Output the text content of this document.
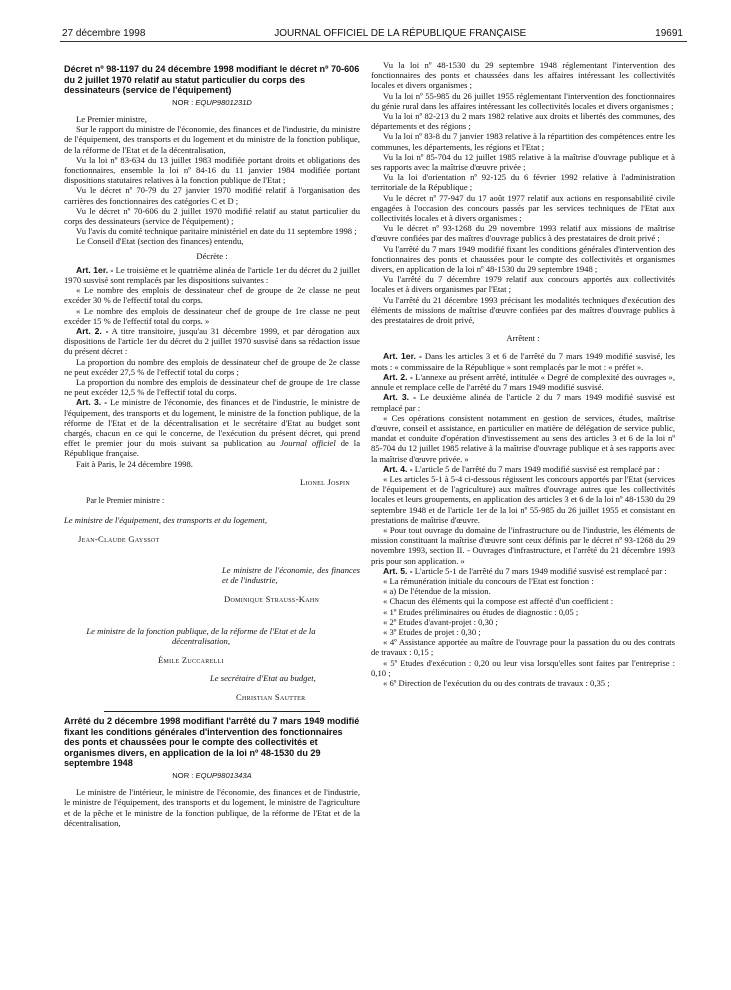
27 décembre 1998	JOURNAL OFFICIEL DE LA RÉPUBLIQUE FRANÇAISE	19691
Décret nº 98-1197 du 24 décembre 1998 modifiant le décret nº 70-606 du 2 juillet 1970 relatif au statut particulier du corps des dessinateurs (service de l'équipement)
NOR : EQUP9801231D

Le Premier ministre,

Sur le rapport du ministre de l'économie, des finances et de l'industrie, du ministre de l'équipement, des transports et du logement et du ministre de la fonction publique, de la réforme de l'Etat et de la décentralisation,

Vu la loi nº 83-634 du 13 juillet 1983 modifiée portant droits et obligations des fonctionnaires, ensemble la loi nº 84-16 du 11 janvier 1984 modifiée portant dispositions statutaires relatives à la fonction publique de l'Etat ;

Vu le décret nº 70-79 du 27 janvier 1970 modifié relatif à l'organisation des carrières des fonctionnaires des catégories C et D ;

Vu le décret nº 70-606 du 2 juillet 1970 modifié relatif au statut particulier du corps des dessinateurs (service de l'équipement) ;

Vu l'avis du comité technique paritaire ministériel en date du 11 septembre 1998 ;

Le Conseil d'Etat (section des finances) entendu,

Décrète :

Art. 1er. - Le troisième et le quatrième alinéa de l'article 1er du décret du 2 juillet 1970 susvisé sont remplacés par les dispositions suivantes :

« Le nombre des emplois de dessinateur chef de groupe de 2e classe ne peut excéder 30 % de l'effectif total du corps.

« Le nombre des emplois de dessinateur chef de groupe de 1re classe ne peut excéder 15 % de l'effectif total du corps. »

Art. 2. - A titre transitoire, jusqu'au 31 décembre 1999, et par dérogation aux dispositions de l'article 1er du décret du 2 juillet 1970 susvisé dans sa rédaction issue du présent décret :

La proportion du nombre des emplois de dessinateur chef de groupe de 2e classe ne peut excéder 27,5 % de l'effectif total du corps ;

La proportion du nombre des emplois de dessinateur chef de groupe de 1re classe ne peut excéder 12,5 % de l'effectif total du corps.

Art. 3. - Le ministre de l'économie, des finances et de l'industrie, le ministre de l'équipement, des transports et du logement, le ministre de la fonction publique, de la réforme de l'Etat et de la décentralisation et le secrétaire d'Etat au budget sont chargés, chacun en ce qui le concerne, de l'exécution du présent décret, qui prend effet le premier jour du mois suivant sa publication au Journal officiel de la République française.

Fait à Paris, le 24 décembre 1998.

Lionel Jospin

Par le Premier ministre :

Le ministre de l'équipement, des transports et du logement,

Jean-Claude Gayssot

Le ministre de l'économie, des finances et de l'industrie,

Dominique Strauss-Kahn

Le ministre de la fonction publique, de la réforme de l'Etat et de la décentralisation,

Émile Zuccarelli

Le secrétaire d'Etat au budget,

Christian Sautter

Arrêté du 2 décembre 1998 modifiant l'arrêté du 7 mars 1949 modifié fixant les conditions générales d'intervention des fonctionnaires des ponts et chaussées pour le compte des collectivités et organismes divers, en application de la loi nº 48-1530 du 29 septembre 1948
NOR : EQUP9801343A

Le ministre de l'intérieur, le ministre de l'économie, des finances et de l'industrie, le ministre de l'équipement, des transports et du logement, le ministre de l'agriculture et de la pêche et le ministre de la fonction publique, de la réforme de l'Etat et de la décentralisation,

Vu la loi nº 48-1530 du 29 septembre 1948 réglementant l'intervention des fonctionnaires des ponts et chaussées dans les affaires intéressant les collectivités locales et divers organismes ;

Vu la loi nº 55-985 du 26 juillet 1955 réglementant l'intervention des fonctionnaires du génie rural dans les affaires intéressant les collectivités locales et divers organismes ;

Vu la loi nº 82-213 du 2 mars 1982 relative aux droits et libertés des communes, des départements et des régions ;

Vu la loi nº 83-8 du 7 janvier 1983 relative à la répartition des compétences entre les communes, les départements, les régions et l'Etat ;

Vu la loi nº 85-704 du 12 juillet 1985 relative à la maîtrise d'ouvrage publique et à ses rapports avec la maîtrise d'œuvre privée ;

Vu la loi d'orientation nº 92-125 du 6 février 1992 relative à l'administration territoriale de la République ;

Vu le décret nº 77-947 du 17 août 1977 relatif aux actions en responsabilité civile engagées à l'occasion des concours passés par les services techniques de l'Etat aux collectivités locales et à divers organismes ;

Vu le décret nº 93-1268 du 29 novembre 1993 relatif aux missions de maîtrise d'œuvre confiées par des maîtres d'ouvrage publics à des prestataires de droit privé ;

Vu l'arrêté du 7 mars 1949 modifié fixant les conditions générales d'intervention des fonctionnaires des ponts et chaussées pour le compte des collectivités et organismes divers, en application de la loi nº 48-1530 du 29 septembre 1948 ;

Vu l'arrêté du 7 décembre 1979 relatif aux concours apportés aux collectivités locales et à divers organismes par l'Etat ;

Vu l'arrêté du 21 décembre 1993 précisant les modalités techniques d'exécution des éléments de missions de maîtrise d'œuvre confiées par des maîtres d'ouvrage publics à des prestataires de droit privé,

Arrêtent :

Art. 1er. - Dans les articles 3 et 6 de l'arrêté du 7 mars 1949 modifié susvisé, les mots : « commissaire de la République » sont remplacés par le mot : « préfet ».

Art. 2. - L'annexe au présent arrêté, intitulée « Degré de complexité des ouvrages », annule et remplace celle de l'arrêté du 7 mars 1949 modifié susvisé.

Art. 3. - Le deuxième alinéa de l'article 2 du 7 mars 1949 modifié susvisé est remplacé par :

« Ces opérations consistent notamment en gestion de services, études, maîtrise d'œuvre, conseil et assistance, en particulier en matière de délégation de service public, mandat et conduite d'opération d'investissement au sens des articles 3 et 6 de la loi nº 85-704 du 12 juillet 1985 relative à la maîtrise d'ouvrage publique et à ses rapports avec la maîtrise d'œuvre privée. »

Art. 4. - L'article 5 de l'arrêté du 7 mars 1949 modifié susvisé est remplacé par :

« Les articles 5-1 à 5-4 ci-dessous régissent les concours apportés par l'Etat (services de l'équipement et de l'agriculture) aux maîtres d'ouvrage autres que les collectivités locales et leurs groupements, en application des articles 3 et 6 de la loi nº 48-1530 du 29 septembre 1948 et de l'article 1er de la loi nº 55-985 du 26 juillet 1955 et consistant en prestations de maîtrise d'œuvre.

« Pour tout ouvrage du domaine de l'infrastructure ou de l'industrie, les éléments de mission constituant la maîtrise d'œuvre sont ceux définis par le décret nº 93-1268 du 29 novembre 1993, section II. - Ouvrages d'infrastructure, et l'arrêté du 21 décembre 1993 pris pour son application. »

Art. 5. - L'article 5-1 de l'arrêté du 7 mars 1949 modifié susvisé est remplacé par :

« La rémunération initiale du concours de l'Etat est fonction :

« a) De l'étendue de la mission.

« Chacun des éléments qui la compose est affecté d'un coefficient :

« 1º Etudes préliminaires ou études de diagnostic : 0,05 ;

« 2º Etudes d'avant-projet : 0,30 ;

« 3º Etudes de projet : 0,30 ;

« 4º Assistance apportée au maître de l'ouvrage pour la passation du ou des contrats de travaux : 0,15 ;

« 5º Etudes d'exécution : 0,20 ou leur visa lorsqu'elles sont faites par l'entreprise : 0,10 ;

« 6º Direction de l'exécution du ou des contrats de travaux : 0,35 ;
